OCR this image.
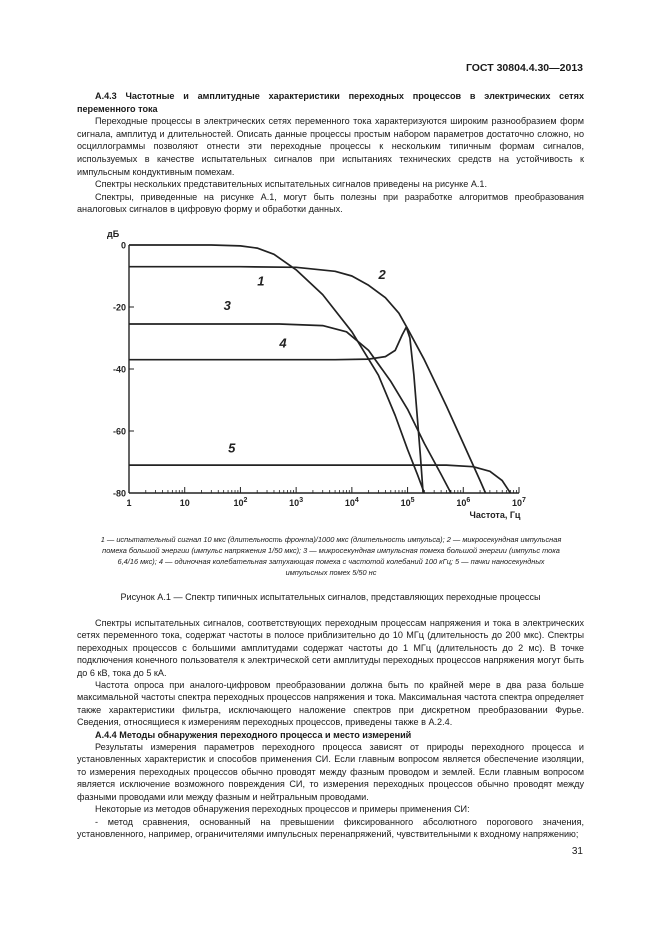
ГОСТ 30804.4.30—2013

А.4.3 Частотные и амплитудные характеристики переходных процессов в электрических сетях переменного тока

Переходные процессы в электрических сетях переменного тока характеризуются широким разнообразием форм сигнала, амплитуд и длительностей. Описать данные процессы простым набором параметров достаточно сложно, но осциллограммы позволяют отнести эти переходные процессы к нескольким типичным формам сигналов, используемых в качестве испытательных сигналов при испытаниях технических средств на устойчивость к импульсным кондуктивным помехам.

Спектры нескольких представительных испытательных сигналов приведены на рисунке А.1.

Спектры, приведенные на рисунке А.1, могут быть полезны при разработке алгоритмов преобразования аналоговых сигналов в цифровую форму и обработки данных.

0
-20
-40
-60
-80
1	10	$10^2$	$10^3$	$10^4$	$10^5$	$10^6$	$10^7$
дБ
Частота, Гц
1	2
3
4
5
1 — испытательный сигнал 10 мкс (длительность фронта)/1000 мкс (длительность импульса); 2 — микросекундная импульсная помеха большой энергии (импульс напряжения 1/50 мкс); 3 — микросекундная импульсная помеха большой энергии (импульс тока 6,4/16 мкс); 4 — одиночная колебательная затухающая помеха с частотой колебаний 100 кГц; 5 — пачки наносекундных импульсных помех 5/50 нс
Рисунок А.1 — Спектр типичных испытательных сигналов, представляющих переходные процессы

Спектры испытательных сигналов, соответствующих переходным процессам напряжения и тока в электрических сетях переменного тока, содержат частоты в полосе приблизительно до 10 МГц (длительность до 200 мкс). Спектры переходных процессов с большими амплитудами содержат частоты до 1 МГц (длительность до 2 мс). В точке подключения конечного пользователя к электрической сети амплитуды переходных процессов напряжения могут быть до 6 кВ, тока до 5 кА.

Частота опроса при аналого-цифровом преобразовании должна быть по крайней мере в два раза больше максимальной частоты спектра переходных процессов напряжения и тока. Максимальная частота спектра определяет также характеристики фильтра, исключающего наложение спектров при дискретном преобразовании Фурье. Сведения, относящиеся к измерениям переходных процессов, приведены также в А.2.4.

А.4.4 Методы обнаружения переходного процесса и место измерений

Результаты измерения параметров переходного процесса зависят от природы переходного процесса и установленных характеристик и способов применения СИ. Если главным вопросом является обеспечение изоляции, то измерения переходных процессов обычно проводят между фазным проводом и землей. Если главным вопросом является исключение возможного повреждения СИ, то измерения переходных процессов обычно проводят между фазными проводами или между фазным и нейтральным проводами.

Некоторые из методов обнаружения переходных процессов и примеры применения СИ:

- метод сравнения, основанный на превышении фиксированного абсолютного порогового значения, установленного, например, ограничителями импульсных перенапряжений, чувствительными к входному напряжению;

31
